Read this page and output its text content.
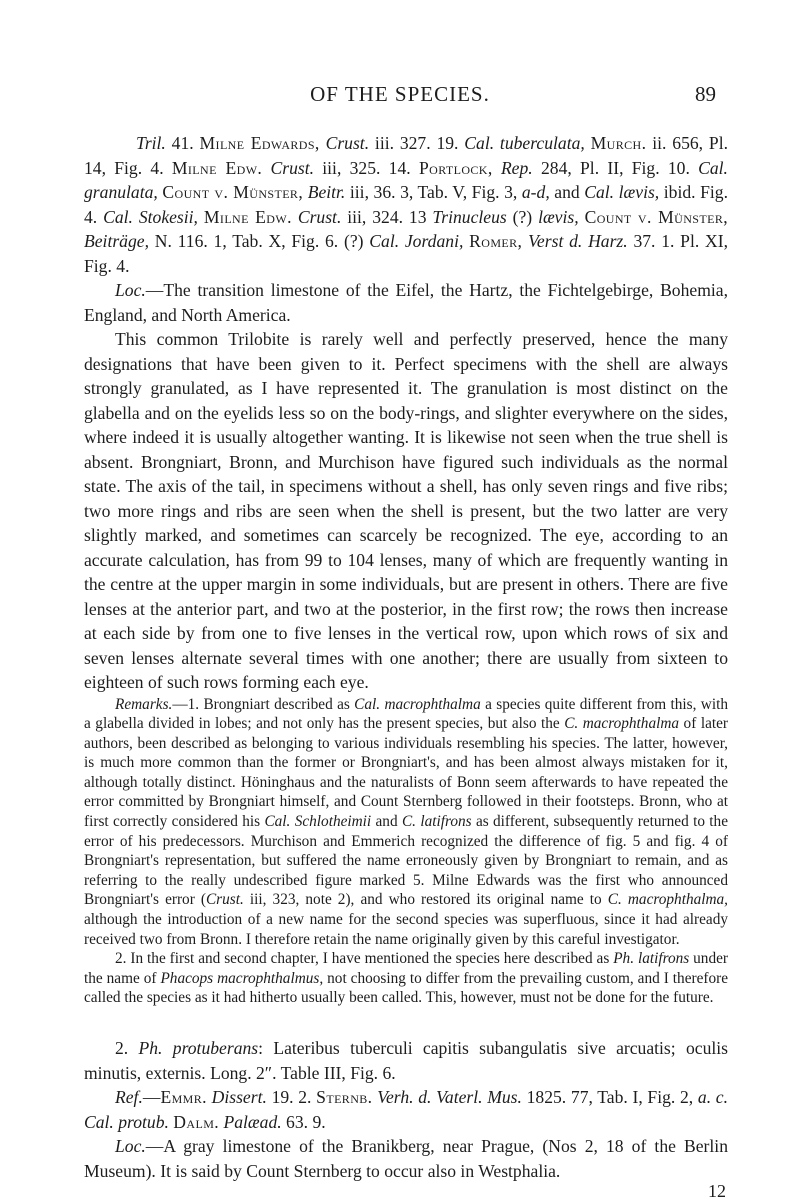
OF THE SPECIES.	89

Tril. 41. Milne Edwards, Crust. iii. 327. 19. Cal. tuberculata, Murch. ii. 656, Pl. 14, Fig. 4. Milne Edw. Crust. iii, 325. 14. Portlock, Rep. 284, Pl. II, Fig. 10. Cal. granulata, Count v. Münster, Beitr. iii, 36. 3, Tab. V, Fig. 3, a-d, and Cal. lævis, ibid. Fig. 4. Cal. Stokesii, Milne Edw. Crust. iii, 324. 13 Trinucleus (?) lævis, Count v. Münster, Beiträge, N. 116. 1, Tab. X, Fig. 6. (?) Cal. Jordani, Romer, Verst d. Harz. 37. 1. Pl. XI, Fig. 4.

Loc.—The transition limestone of the Eifel, the Hartz, the Fichtelgebirge, Bohemia, England, and North America.

This common Trilobite is rarely well and perfectly preserved, hence the many designations that have been given to it. Perfect specimens with the shell are always strongly granulated, as I have represented it. The granulation is most distinct on the glabella and on the eyelids less so on the body-rings, and slighter everywhere on the sides, where indeed it is usually altogether wanting. It is likewise not seen when the true shell is absent. Brongniart, Bronn, and Murchison have figured such individuals as the normal state. The axis of the tail, in specimens without a shell, has only seven rings and five ribs; two more rings and ribs are seen when the shell is present, but the two latter are very slightly marked, and sometimes can scarcely be recognized. The eye, according to an accurate calculation, has from 99 to 104 lenses, many of which are frequently wanting in the centre at the upper margin in some individuals, but are present in others. There are five lenses at the anterior part, and two at the posterior, in the first row; the rows then increase at each side by from one to five lenses in the vertical row, upon which rows of six and seven lenses alternate several times with one another; there are usually from sixteen to eighteen of such rows forming each eye.

Remarks.—1. Brongniart described as Cal. macrophthalma a species quite different from this, with a glabella divided in lobes; and not only has the present species, but also the C. macrophthalma of later authors, been described as belonging to various individuals resembling his species. The latter, however, is much more common than the former or Brongniart's, and has been almost always mistaken for it, although totally distinct. Höninghaus and the naturalists of Bonn seem afterwards to have repeated the error committed by Brongniart himself, and Count Sternberg followed in their footsteps. Bronn, who at first correctly considered his Cal. Schlotheimii and C. latifrons as different, subsequently returned to the error of his predecessors. Murchison and Emmerich recognized the difference of fig. 5 and fig. 4 of Brongniart's representation, but suffered the name erroneously given by Brongniart to remain, and as referring to the really undescribed figure marked 5. Milne Edwards was the first who announced Brongniart's error (Crust. iii, 323, note 2), and who restored its original name to C. macrophthalma, although the introduction of a new name for the second species was superfluous, since it had already received two from Bronn. I therefore retain the name originally given by this careful investigator.

2. In the first and second chapter, I have mentioned the species here described as Ph. latifrons under the name of Phacops macrophthalmus, not choosing to differ from the prevailing custom, and I therefore called the species as it had hitherto usually been called. This, however, must not be done for the future.

2. Ph. protuberans: Lateribus tuberculi capitis subangulatis sive arcuatis; oculis minutis, externis. Long. 2″. Table III, Fig. 6.

Ref.—Emmr. Dissert. 19. 2. Sternb. Verh. d. Vaterl. Mus. 1825. 77, Tab. I, Fig. 2, a. c. Cal. protub. Dalm. Palæad. 63. 9.

Loc.—A gray limestone of the Branikberg, near Prague, (Nos 2, 18 of the Berlin Museum). It is said by Count Sternberg to occur also in Westphalia.

12
